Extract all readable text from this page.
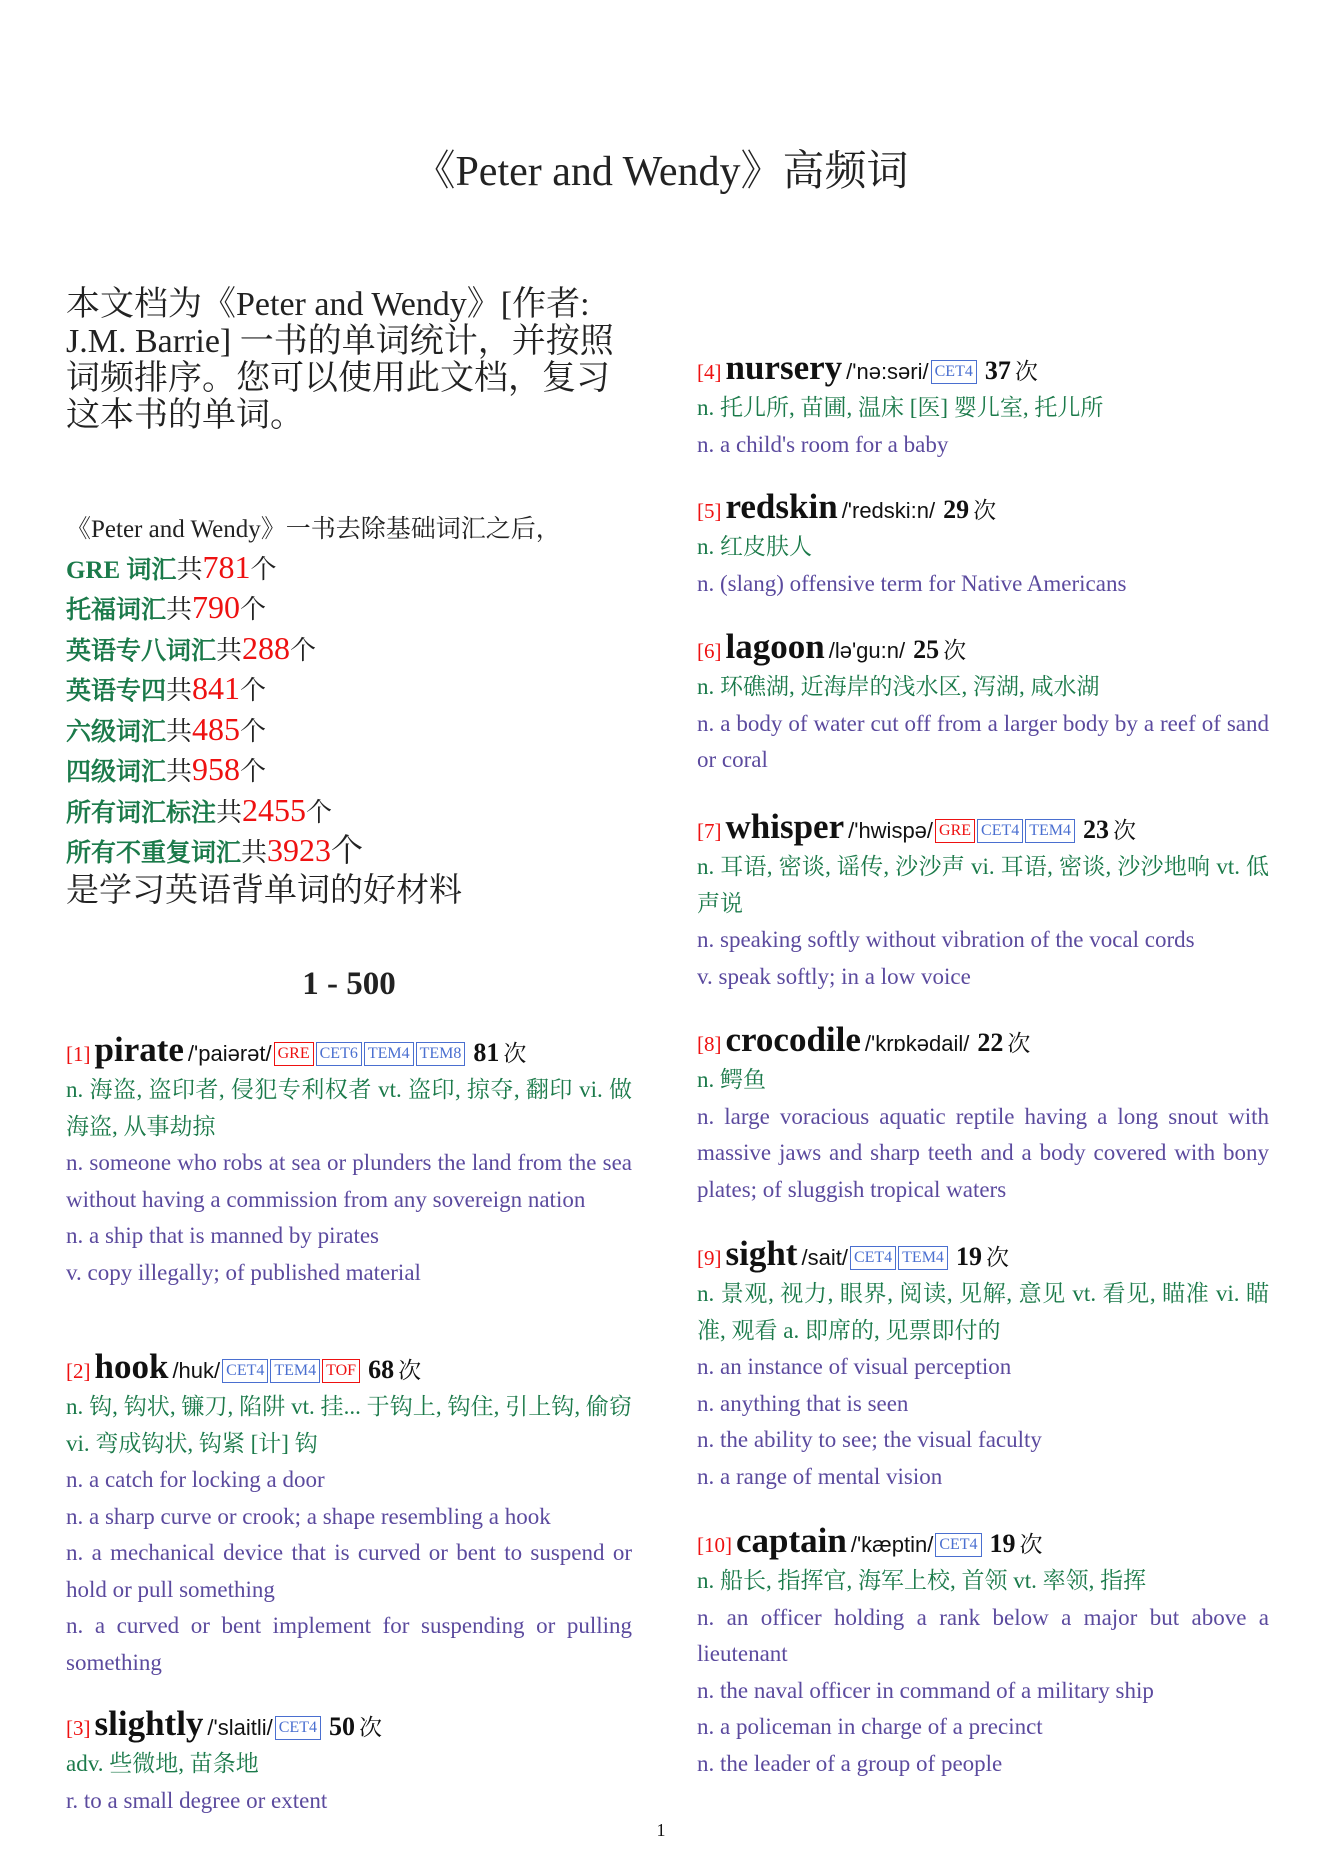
《Peter and Wendy》高频词
本文档为《Peter and Wendy》[作者: J.M. Barrie] 一书的单词统计，并按照词频排序。您可以使用此文档，复习这本书的单词。
《Peter and Wendy》一书去除基础词汇之后，
GRE 词汇共781个
托福词汇共790个
英语专八词汇共288个
英语专四共841个
六级词汇共485个
四级词汇共958个
所有词汇标注共2455个
所有不重复词汇共3923个
是学习英语背单词的好材料
1 - 500
[1] pirate /'paiərət/ GRE CET6 TEM4 TEM8 81 次
n. 海盗, 盗印者, 侵犯专利权者 vt. 盗印, 掠夺, 翻印 vi. 做海盗, 从事劫掠
n. someone who robs at sea or plunders the land from the sea without having a commission from any sovereign nation
n. a ship that is manned by pirates
v. copy illegally; of published material
[2] hook /huk/ CET4 TEM4 TOF 68 次
n. 钩, 钩状, 镰刀, 陷阱 vt. 挂... 于钩上, 钩住, 引上钩, 偷窃 vi. 弯成钩状, 钩紧 [计] 钩
n. a catch for locking a door
n. a sharp curve or crook; a shape resembling a hook
n. a mechanical device that is curved or bent to suspend or hold or pull something
n. a curved or bent implement for suspending or pulling something
[3] slightly /'slaitli/ CET4 50 次
adv. 些微地, 苗条地
r. to a small degree or extent
[4] nursery /'nə:səri/ CET4 37 次
n. 托儿所, 苗圃, 温床 [医] 婴儿室, 托儿所
n. a child's room for a baby
[5] redskin /'redski:n/ 29 次
n. 红皮肤人
n. (slang) offensive term for Native Americans
[6] lagoon /lə'gu:n/ 25 次
n. 环礁湖, 近海岸的浅水区, 泻湖, 咸水湖
n. a body of water cut off from a larger body by a reef of sand or coral
[7] whisper /'hwispə/ GRE CET4 TEM4 23 次
n. 耳语, 密谈, 谣传, 沙沙声 vi. 耳语, 密谈, 沙沙地响 vt. 低声说
n. speaking softly without vibration of the vocal cords
v. speak softly; in a low voice
[8] crocodile /'krɒkədail/ 22 次
n. 鳄鱼
n. large voracious aquatic reptile having a long snout with massive jaws and sharp teeth and a body covered with bony plates; of sluggish tropical waters
[9] sight /sait/ CET4 TEM4 19 次
n. 景观, 视力, 眼界, 阅读, 见解, 意见 vt. 看见, 瞄准 vi. 瞄准, 观看 a. 即席的, 见票即付的
n. an instance of visual perception
n. anything that is seen
n. the ability to see; the visual faculty
n. a range of mental vision
[10] captain /'kæptin/ CET4 19 次
n. 船长, 指挥官, 海军上校, 首领 vt. 率领, 指挥
n. an officer holding a rank below a major but above a lieutenant
n. the naval officer in command of a military ship
n. a policeman in charge of a precinct
n. the leader of a group of people
1
